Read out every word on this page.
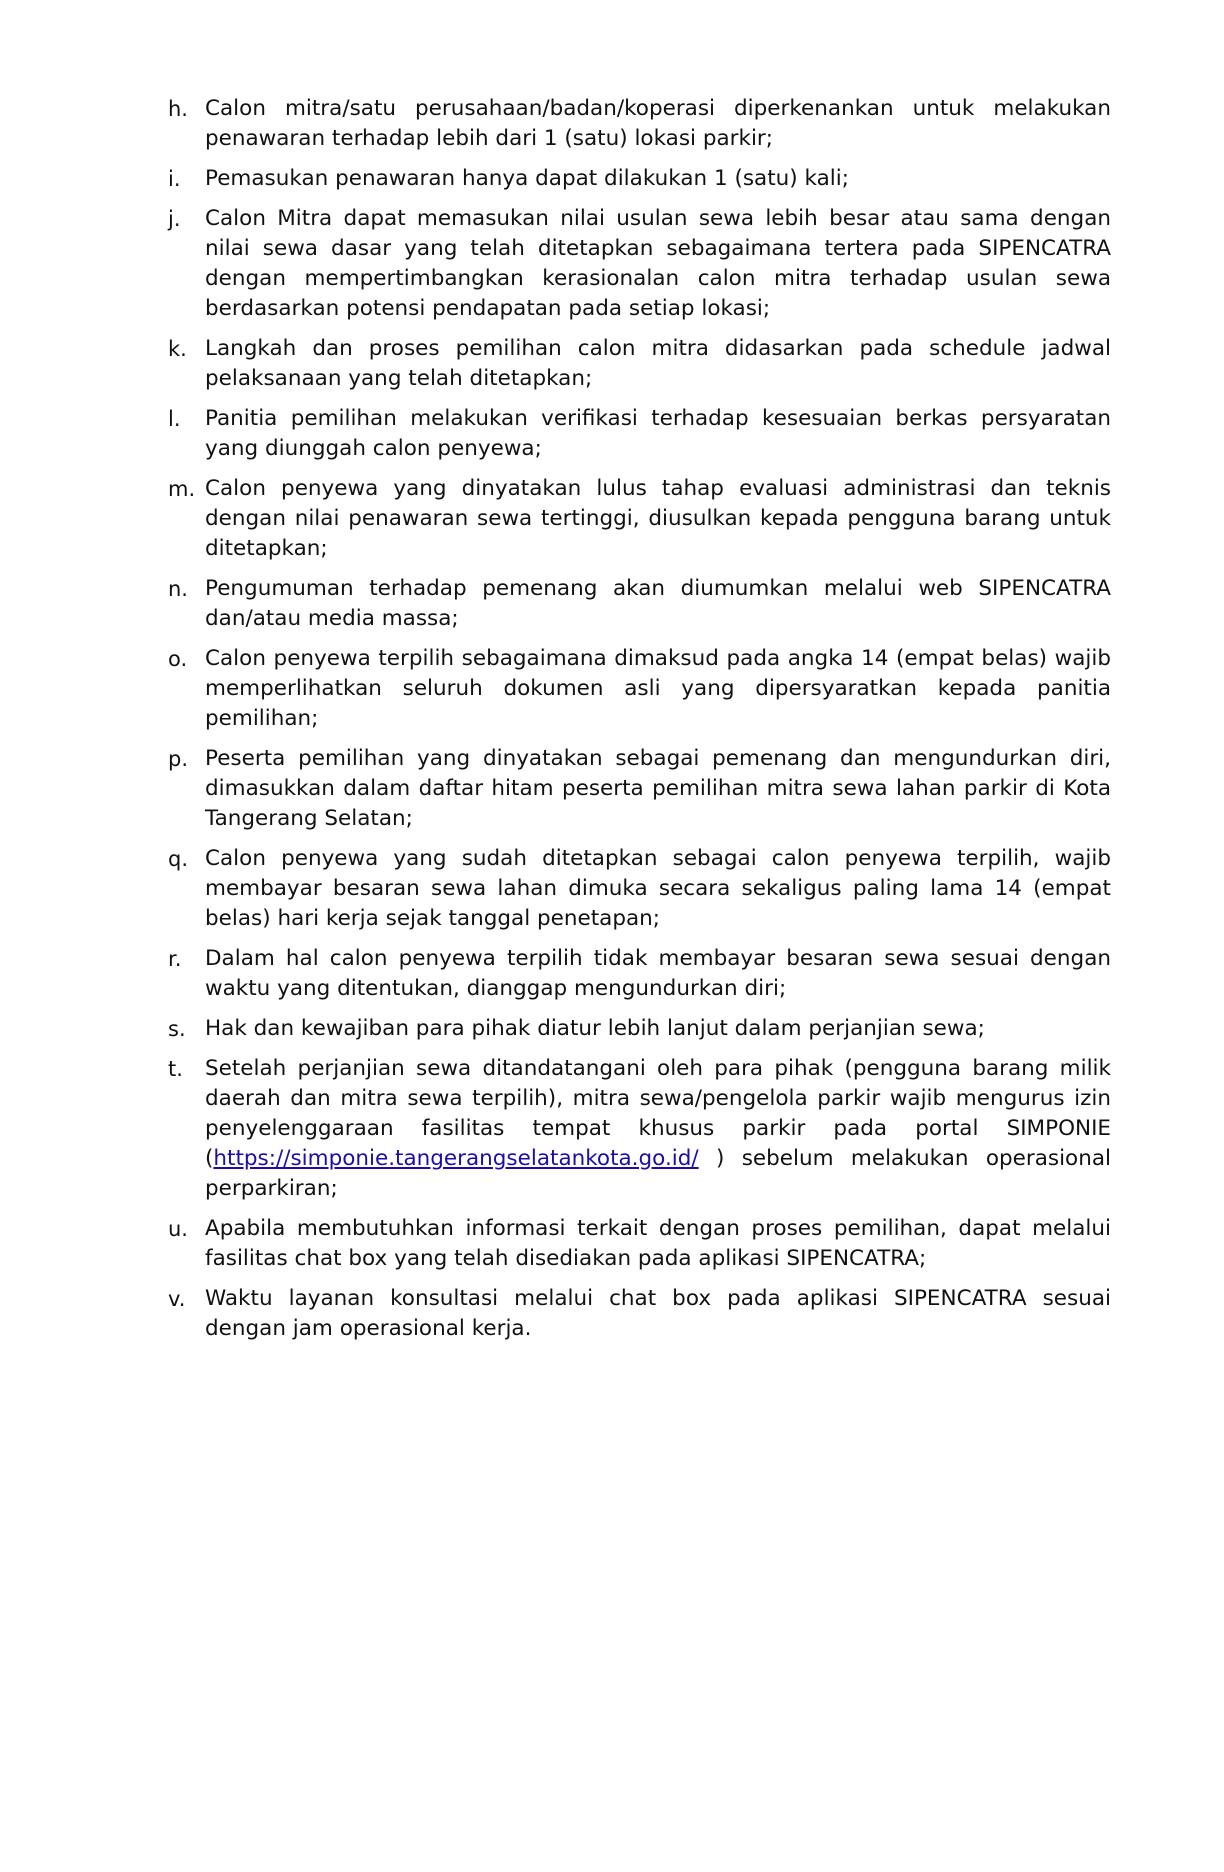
h. Calon mitra/satu perusahaan/badan/koperasi diperkenankan untuk melakukan penawaran terhadap lebih dari 1 (satu) lokasi parkir;
i.	Pemasukan penawaran hanya dapat dilakukan 1 (satu) kali;
j.	Calon Mitra dapat memasukan nilai usulan sewa lebih besar atau sama dengan nilai sewa dasar yang telah ditetapkan sebagaimana tertera pada SIPENCATRA dengan mempertimbangkan kerasionalan calon mitra terhadap usulan sewa berdasarkan potensi pendapatan pada setiap lokasi;
k. Langkah dan proses pemilihan calon mitra didasarkan pada schedule jadwal pelaksanaan yang telah ditetapkan;
l.	Panitia pemilihan melakukan verifikasi terhadap kesesuaian berkas persyaratan yang diunggah calon penyewa;
m. Calon penyewa yang dinyatakan lulus tahap evaluasi administrasi dan teknis dengan nilai penawaran sewa tertinggi, diusulkan kepada pengguna barang untuk ditetapkan;
n. Pengumuman terhadap pemenang akan diumumkan melalui web SIPENCATRA dan/atau media massa;
o. Calon penyewa terpilih sebagaimana dimaksud pada angka 14 (empat belas) wajib memperlihatkan seluruh dokumen asli yang dipersyaratkan kepada panitia pemilihan;
p. Peserta pemilihan yang dinyatakan sebagai pemenang dan mengundurkan diri, dimasukkan dalam daftar hitam peserta pemilihan mitra sewa lahan parkir di Kota Tangerang Selatan;
q. Calon penyewa yang sudah ditetapkan sebagai calon penyewa terpilih, wajib membayar besaran sewa lahan dimuka secara sekaligus paling lama 14 (empat belas) hari kerja sejak tanggal penetapan;
r.	Dalam hal calon penyewa terpilih tidak membayar besaran sewa sesuai dengan waktu yang ditentukan, dianggap mengundurkan diri;
s. Hak dan kewajiban para pihak diatur lebih lanjut dalam perjanjian sewa;
t.	Setelah perjanjian sewa ditandatangani oleh para pihak (pengguna barang milik daerah dan mitra sewa terpilih), mitra sewa/pengelola parkir wajib mengurus izin penyelenggaraan fasilitas tempat khusus parkir pada portal SIMPONIE (https://simponie.tangerangselatankota.go.id/ ) sebelum melakukan operasional perparkiran;
u. Apabila membutuhkan informasi terkait dengan proses pemilihan, dapat melalui fasilitas chat box yang telah disediakan pada aplikasi SIPENCATRA;
v. Waktu layanan konsultasi melalui chat box pada aplikasi SIPENCATRA sesuai dengan jam operasional kerja.
